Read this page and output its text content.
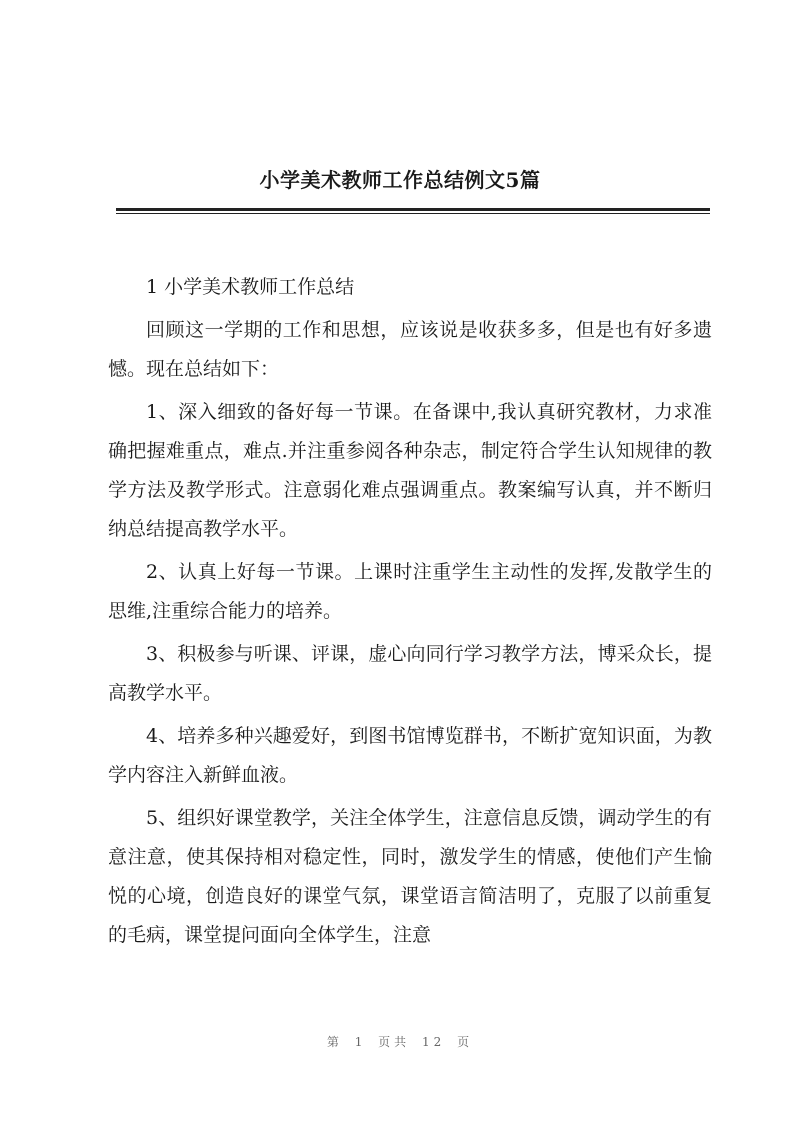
小学美术教师工作总结例文5篇

1 小学美术教师工作总结

回顾这一学期的工作和思想，应该说是收获多多，但是也有好多遗憾。现在总结如下：

1、深入细致的备好每一节课。在备课中,我认真研究教材，力求准确把握难重点，难点.并注重参阅各种杂志，制定符合学生认知规律的教学方法及教学形式。注意弱化难点强调重点。教案编写认真，并不断归纳总结提高教学水平。

2、认真上好每一节课。上课时注重学生主动性的发挥,发散学生的思维,注重综合能力的培养。

3、积极参与听课、评课，虚心向同行学习教学方法，博采众长，提高教学水平。

4、培养多种兴趣爱好，到图书馆博览群书，不断扩宽知识面，为教学内容注入新鲜血液。

5、组织好课堂教学，关注全体学生，注意信息反馈，调动学生的有意注意，使其保持相对稳定性，同时，激发学生的情感，使他们产生愉悦的心境，创造良好的课堂气氛，课堂语言简洁明了，克服了以前重复的毛病，课堂提问面向全体学生，注意

第 1 页共 12 页
